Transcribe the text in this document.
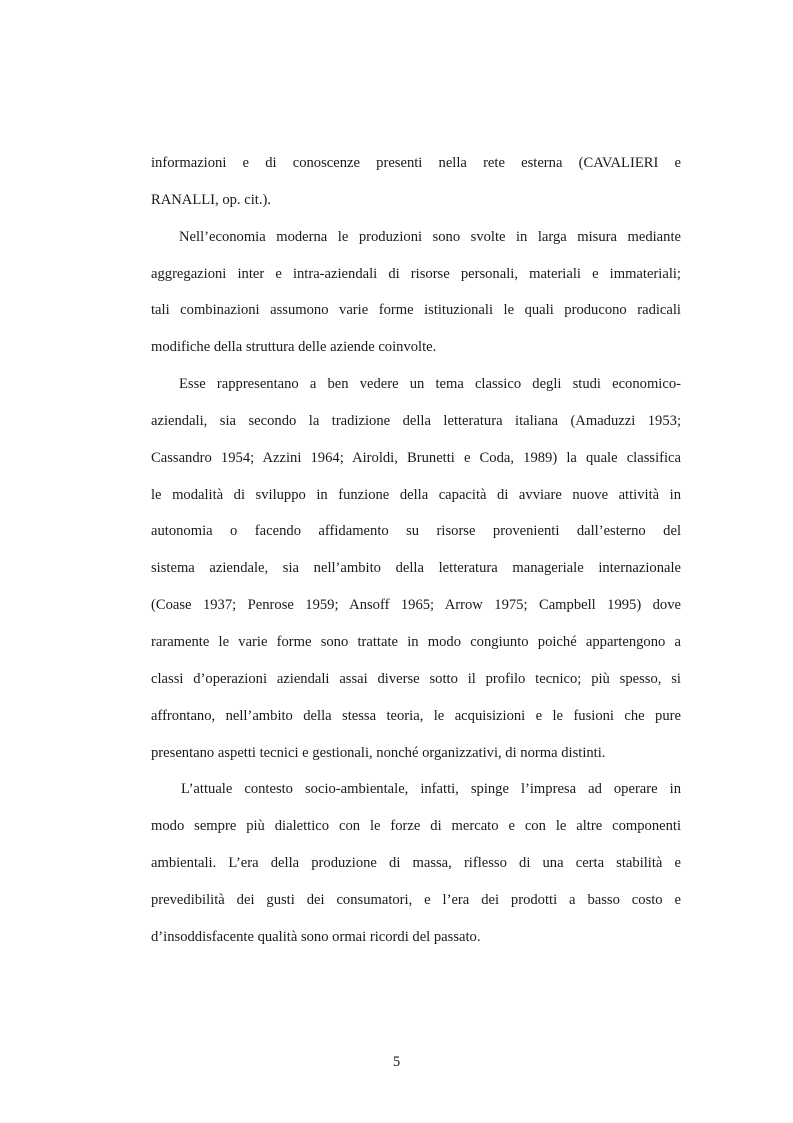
informazioni e di conoscenze presenti nella rete esterna (CAVALIERI e
RANALLI, op. cit.).
Nell’economia moderna le produzioni sono svolte in larga misura mediante
aggregazioni inter e intra-aziendali di risorse personali, materiali e immateriali;
tali combinazioni assumono varie forme istituzionali le quali producono radicali
modifiche della struttura delle aziende coinvolte.
Esse rappresentano a ben vedere un tema classico degli studi economico-
aziendali, sia secondo la tradizione della letteratura italiana (Amaduzzi 1953;
Cassandro 1954; Azzini 1964; Airoldi, Brunetti e Coda, 1989) la quale classifica
le modalità di sviluppo in funzione della capacità di avviare nuove attività in
autonomia o facendo affidamento su risorse provenienti dall’esterno del
sistema aziendale, sia nell’ambito della letteratura manageriale internazionale
(Coase 1937; Penrose 1959; Ansoff 1965; Arrow 1975; Campbell 1995) dove
raramente le varie forme sono trattate in modo congiunto poiché appartengono a
classi d’operazioni aziendali assai diverse sotto il profilo tecnico; più spesso, si
affrontano, nell’ambito della stessa teoria, le acquisizioni e le fusioni che pure
presentano aspetti tecnici e gestionali, nonché organizzativi, di norma distinti.
L’attuale contesto socio-ambientale, infatti, spinge l’impresa ad operare in
modo sempre più dialettico con le forze di mercato e con le altre componenti
ambientali. L’era della produzione di massa, riflesso di una certa stabilità e
prevedibilità dei gusti dei consumatori, e l’era dei prodotti a basso costo e
d’insoddisfacente qualità sono ormai ricordi del passato.
5
